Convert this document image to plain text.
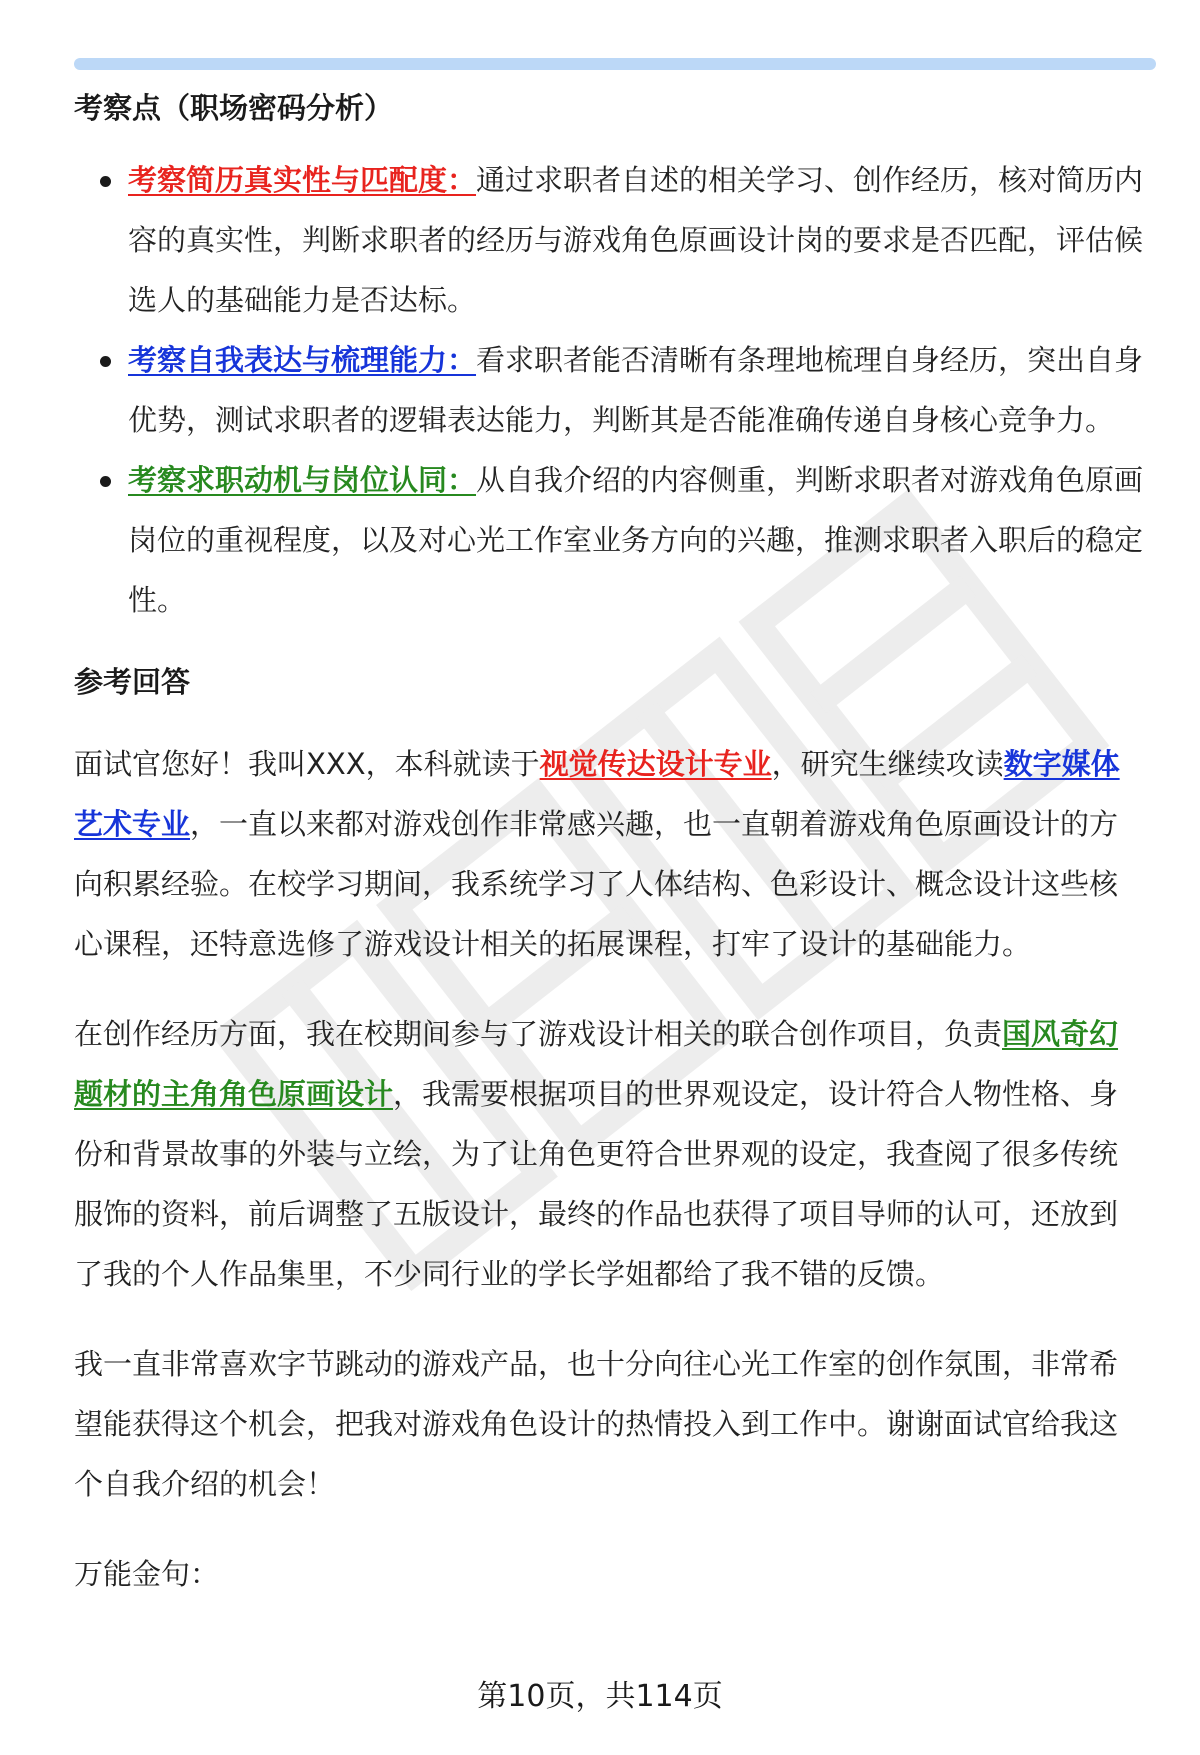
考察点（职场密码分析）
考察简历真实性与匹配度：通过求职者自述的相关学习、创作经历，核对简历内容的真实性，判断求职者的经历与游戏角色原画设计岗的要求是否匹配，评估候选人的基础能力是否达标。
考察自我表达与梳理能力：看求职者能否清晰有条理地梳理自身经历，突出自身优势，测试求职者的逻辑表达能力，判断其是否能准确传递自身核心竞争力。
考察求职动机与岗位认同：从自我介绍的内容侧重，判断求职者对游戏角色原画岗位的重视程度，以及对心光工作室业务方向的兴趣，推测求职者入职后的稳定性。
参考回答

面试官您好！我叫XXX，本科就读于视觉传达设计专业，研究生继续攻读数字媒体艺术专业，一直以来都对游戏创作非常感兴趣，也一直朝着游戏角色原画设计的方向积累经验。在校学习期间，我系统学习了人体结构、色彩设计、概念设计这些核心课程，还特意选修了游戏设计相关的拓展课程，打牢了设计的基础能力。

在创作经历方面，我在校期间参与了游戏设计相关的联合创作项目，负责国风奇幻题材的主角角色原画设计，我需要根据项目的世界观设定，设计符合人物性格、身份和背景故事的外装与立绘，为了让角色更符合世界观的设定，我查阅了很多传统服饰的资料，前后调整了五版设计，最终的作品也获得了项目导师的认可，还放到了我的个人作品集里，不少同行业的学长学姐都给了我不错的反馈。

我一直非常喜欢字节跳动的游戏产品，也十分向往心光工作室的创作氛围，非常希望能获得这个机会，把我对游戏角色设计的热情投入到工作中。谢谢面试官给我这个自我介绍的机会！

万能金句：

第10页，共114页
